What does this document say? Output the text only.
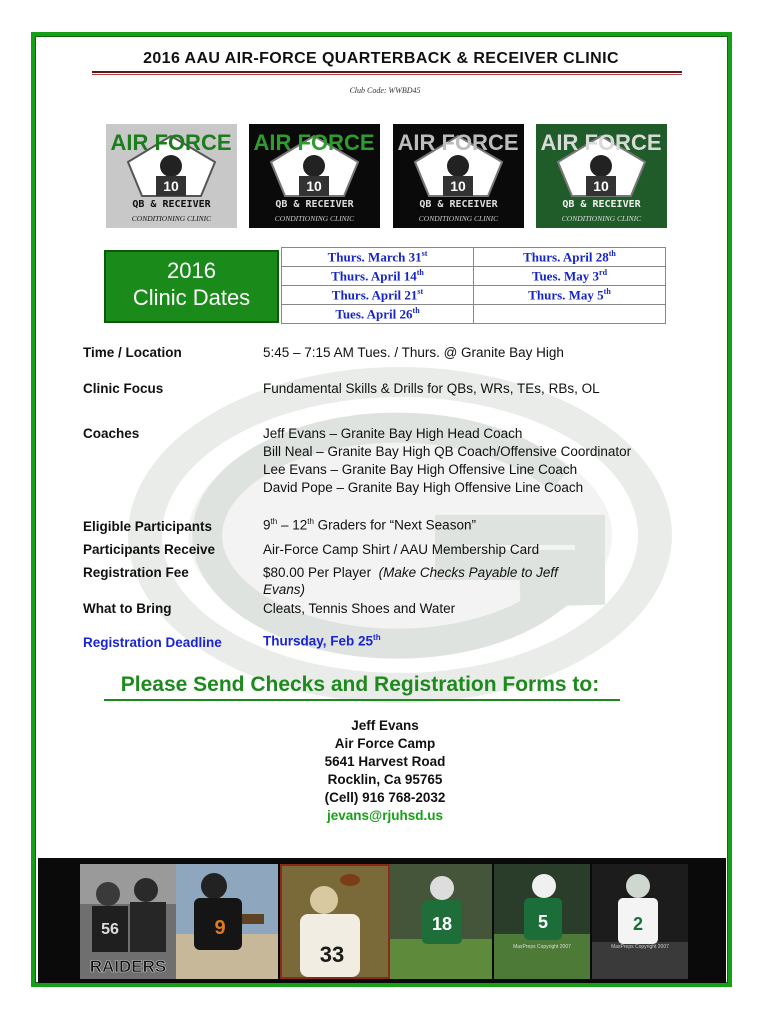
2016 AAU AIR-FORCE QUARTERBACK & RECEIVER CLINIC
Club Code: WWBD45
10
AIR FORCE
QB & RECEIVER
CONDITIONING CLINIC
10
AIR FORCE
QB & RECEIVER
CONDITIONING CLINIC
10
AIR FORCE
QB & RECEIVER
CONDITIONING CLINIC
10
AIR FORCE
QB & RECEIVER
CONDITIONING CLINIC
2016
Clinic Dates
Thurs. March 31st	Thurs. April 28th
Thurs. April 14th	Tues. May 3rd
Thurs. April 21st	Thurs. May 5th
Tues. April 26th	
Time / Location	5:45 – 7:15 AM Tues. / Thurs. @ Granite Bay High
Clinic Focus	Fundamental Skills & Drills for QBs, WRs, TEs, RBs, OL
Coaches	Jeff Evans – Granite Bay High Head Coach
Bill Neal – Granite Bay High QB Coach/Offensive Coordinator
Lee Evans – Granite Bay High Offensive Line Coach
David Pope – Granite Bay High Offensive Line Coach
Eligible Participants	9th – 12th Graders for “Next Season”
Participants Receive	Air-Force Camp Shirt / AAU Membership Card
Registration Fee	$80.00 Per Player (Make Checks Payable to Jeff
Evans)
What to Bring	Cleats, Tennis Shoes and Water
Registration Deadline	Thursday, Feb 25th
Please Send Checks and Registration Forms to:
Jeff Evans
Air Force Camp
5641 Harvest Road
Rocklin, Ca 95765
(Cell) 916 768-2032
jevans@rjuhsd.us
56
RAIDERS
9
33
18	5
MaxPreps Copyright 2007
2
MaxPreps Copyright 2007
